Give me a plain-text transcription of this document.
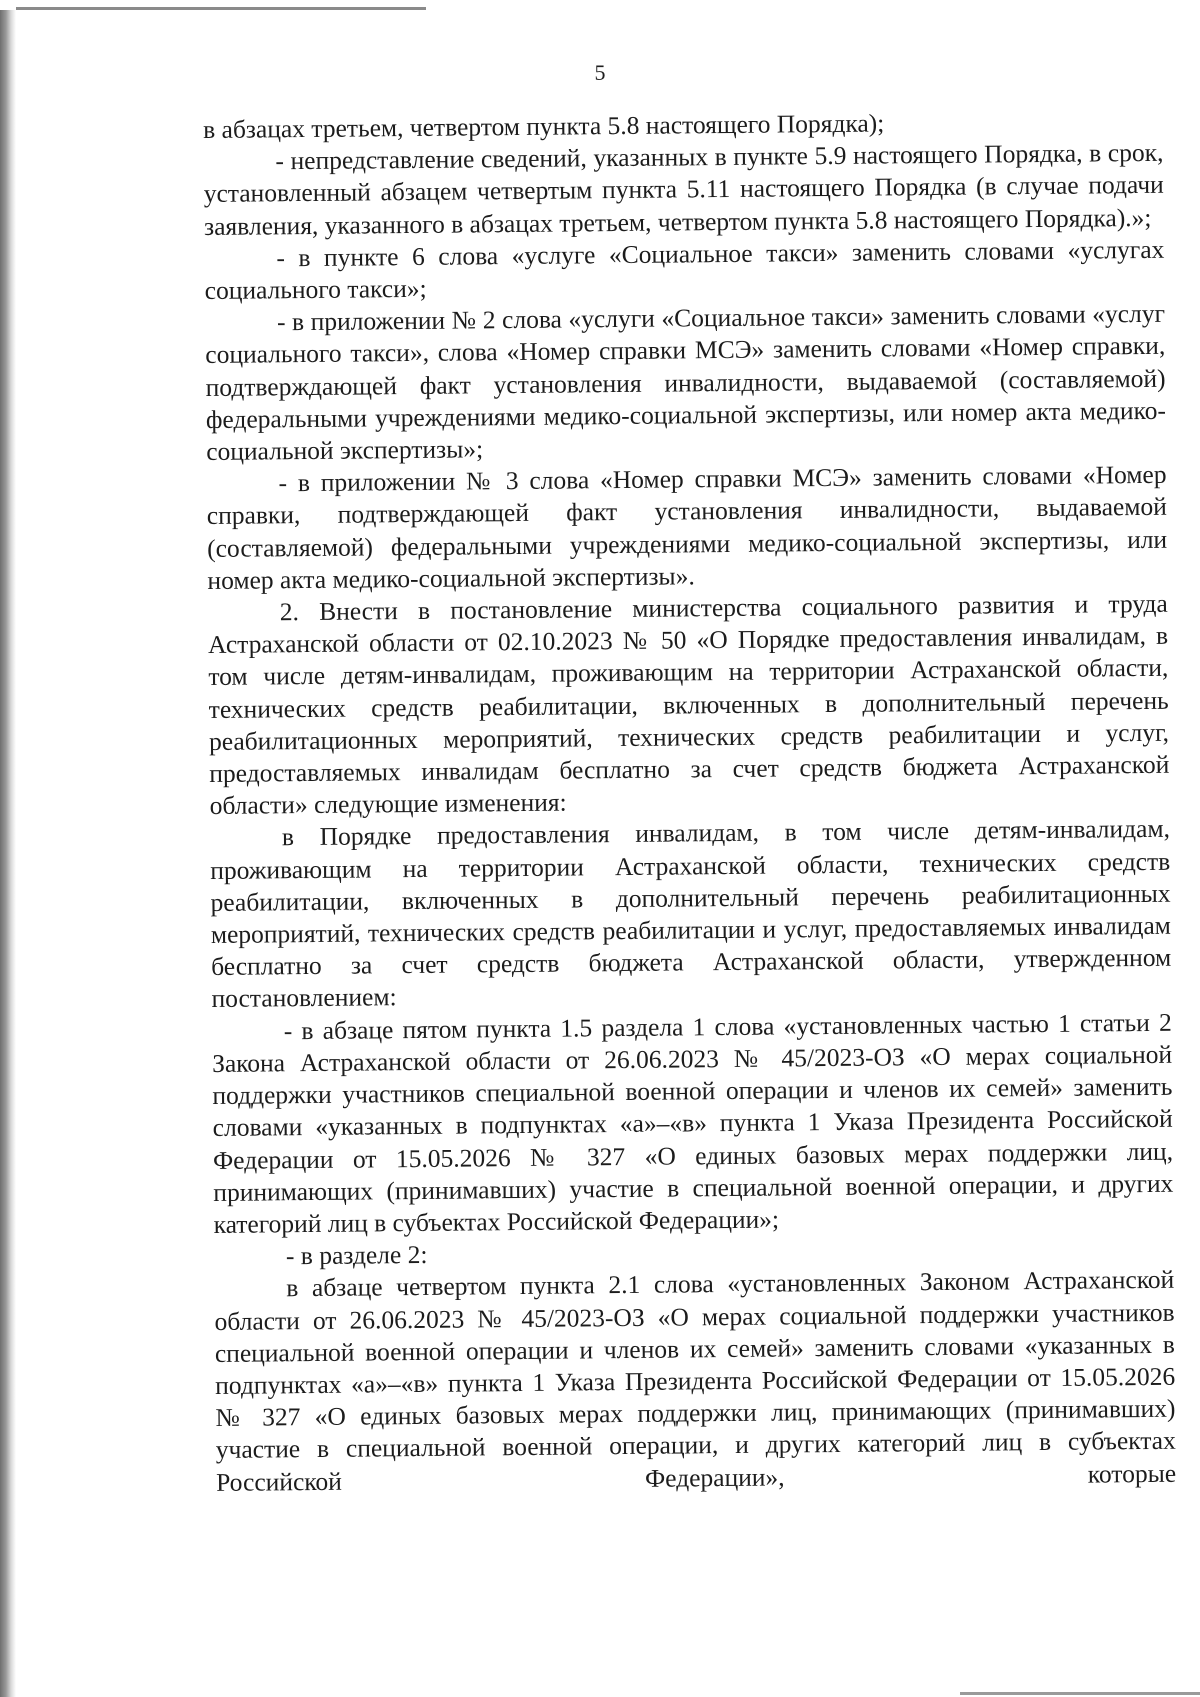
5

в абзацах третьем, четвертом пункта 5.8 настоящего Порядка);

- непредставление сведений, указанных в пункте 5.9 настоящего Порядка, в срок, установленный абзацем четвертым пункта 5.11 настоящего Порядка (в случае подачи заявления, указанного в абзацах третьем, четвертом пункта 5.8 настоящего Порядка).»;

- в пункте 6 слова «услуге «Социальное такси» заменить словами «услугах социального такси»;

- в приложении № 2 слова «услуги «Социальное такси» заменить словами «услуг социального такси», слова «Номер справки МСЭ» заменить словами «Номер справки, подтверждающей факт установления инвалидности, выдаваемой (составляемой) федеральными учреждениями медико-социальной экспертизы, или номер акта медико-социальной экспертизы»;

- в приложении № 3 слова «Номер справки МСЭ» заменить словами «Номер справки, подтверждающей факт установления инвалидности, выдаваемой (составляемой) федеральными учреждениями медико-социальной экспертизы, или номер акта медико-социальной экспертизы».

2. Внести в постановление министерства социального развития и труда Астраханской области от 02.10.2023 № 50 «О Порядке предоставления инвалидам, в том числе детям-инвалидам, проживающим на территории Астраханской области, технических средств реабилитации, включенных в дополнительный перечень реабилитационных мероприятий, технических средств реабилитации и услуг, предоставляемых инвалидам бесплатно за счет средств бюджета Астраханской области» следующие изменения:

в Порядке предоставления инвалидам, в том числе детям-инвалидам, проживающим на территории Астраханской области, технических средств реабилитации, включенных в дополнительный перечень реабилитационных мероприятий, технических средств реабилитации и услуг, предоставляемых инвалидам бесплатно за счет средств бюджета Астраханской области, утвержденном постановлением:

- в абзаце пятом пункта 1.5 раздела 1 слова «установленных частью 1 статьи 2 Закона Астраханской области от 26.06.2023 № 45/2023-ОЗ «О мерах социальной поддержки участников специальной военной операции и членов их семей» заменить словами «указанных в подпунктах «а»–«в» пункта 1 Указа Президента Российской Федерации от 15.05.2026 № 327 «О единых базовых мерах поддержки лиц, принимающих (принимавших) участие в специальной военной операции, и других категорий лиц в субъектах Российской Федерации»;

- в разделе 2:

в абзаце четвертом пункта 2.1 слова «установленных Законом Астраханской области от 26.06.2023 № 45/2023-ОЗ «О мерах социальной поддержки участников специальной военной операции и членов их семей» заменить словами «указанных в подпунктах «а»–«в» пункта 1 Указа Президента Российской Федерации от 15.05.2026 № 327 «О единых базовых мерах поддержки лиц, принимающих (принимавших) участие в специальной военной операции, и других категорий лиц в субъектах Российской Федерации», которые
